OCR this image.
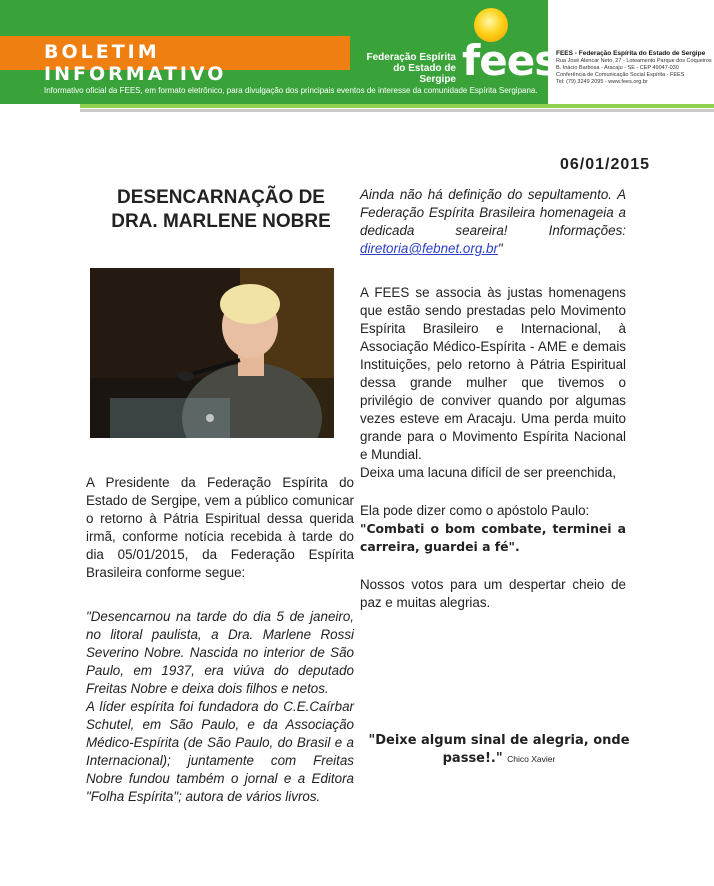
BOLETIM INFORMATIVO
Federação Espírita
do Estado de Sergipe fees
Informativo oficial da FEES, em formato eletrônico, para divulgação dos principais eventos de interesse da comunidade Espírita Sergipana.
FEES - Federação Espírita do Estado de Sergipe
Rua José Alencar Neto, 27 - Loteamento Parque dos Coqueiros
B. Inácio Barbosa - Aracaju - SE - CEP 49047-030
Conferência de Comunicação Social Espírita - FEES
Tel: (79) 3249 2095 - www.fees.org.br
06/01/2015
DESENCARNAÇÃO DE
DRA. MARLENE NOBRE

A Presidente da Federação Espírita do Estado de Sergipe, vem a público comunicar o retorno à Pátria Espiritual dessa querida irmã, conforme notícia recebida à tarde do dia 05/01/2015, da Federação Espírita Brasileira conforme segue:

"Desencarnou na tarde do dia 5 de janeiro, no litoral paulista, a Dra. Marlene Rossi Severino Nobre. Nascida no interior de São Paulo, em 1937, era viúva do deputado Freitas Nobre e deixa dois filhos e netos.

A líder espírita foi fundadora do C.E.Caírbar Schutel, em São Paulo, e da Associação Médico-Espírita (de São Paulo, do Brasil e a Internacional); juntamente com Freitas Nobre fundou também o jornal e a Editora "Folha Espírita"; autora de vários livros.

Ainda não há definição do sepultamento. A Federação Espírita Brasileira homenageia a dedicada seareira! Informações: diretoria@febnet.org.br"

A FEES se associa às justas homenagens que estão sendo prestadas pelo Movimento Espírita Brasileiro e Internacional, à Associação Médico-Espírita - AME e demais Instituições, pelo retorno à Pátria Espiritual dessa grande mulher que tivemos o privilégio de conviver quando por algumas vezes esteve em Aracaju. Uma perda muito grande para o Movimento Espírita Nacional e Mundial.

Deixa uma lacuna difícil de ser preenchida,

Ela pode dizer como o apóstolo Paulo:

"Combati o bom combate, terminei a carreira, guardei a fé".

Nossos votos para um despertar cheio de paz e muitas alegrias.

"Deixe algum sinal de alegria, onde passe!." Chico Xavier
